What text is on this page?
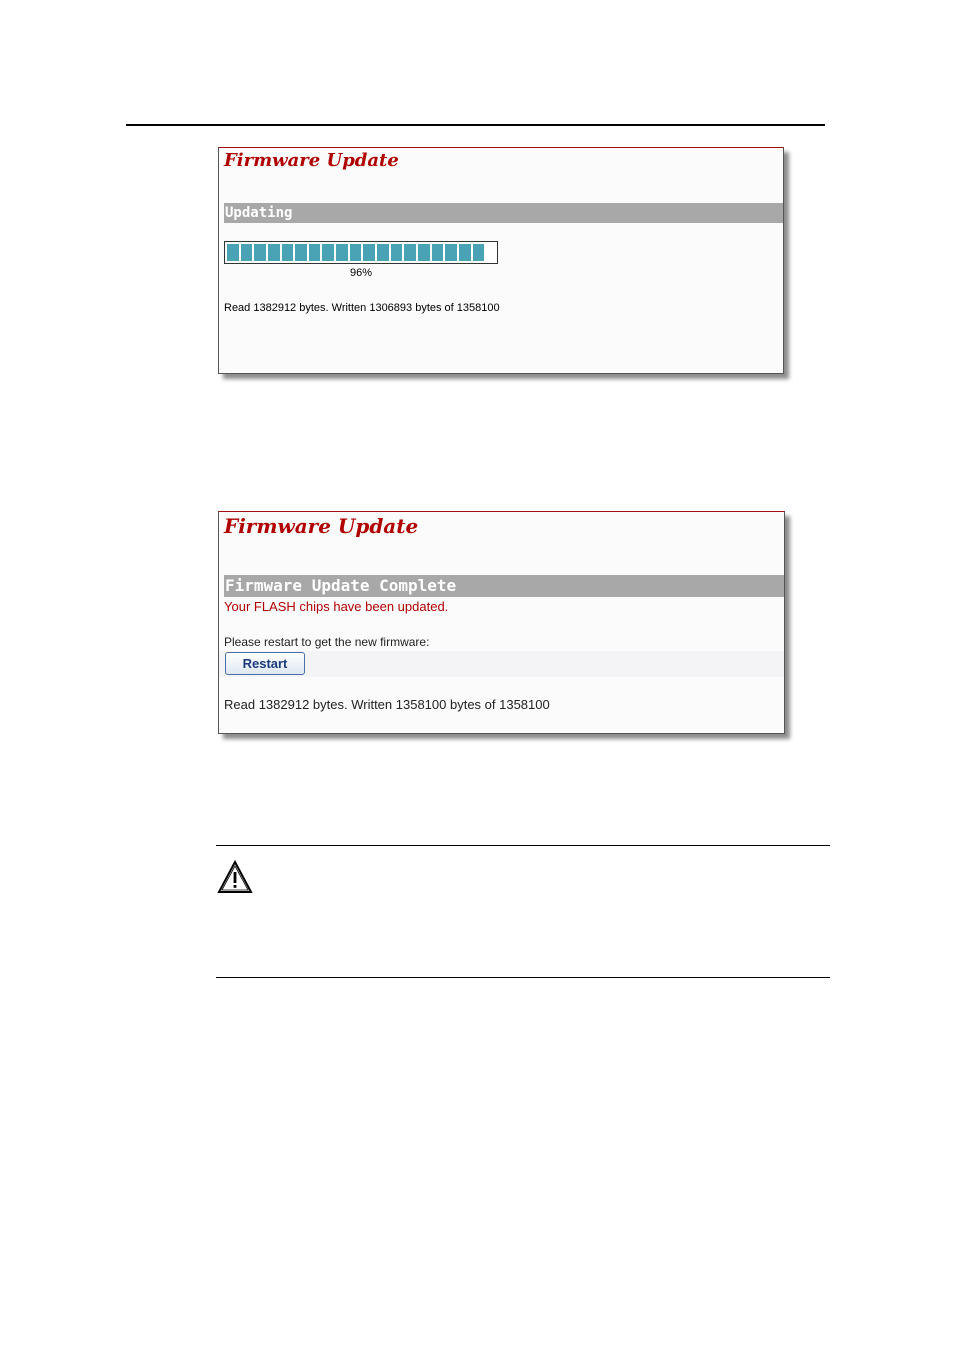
Firmware Update
Updating
96%
Read 1382912 bytes. Written 1306893 bytes of 1358100
Firmware Update
Firmware Update Complete
Your FLASH chips have been updated.
Please restart to get the new firmware:
Restart
Read 1382912 bytes. Written 1358100 bytes of 1358100
